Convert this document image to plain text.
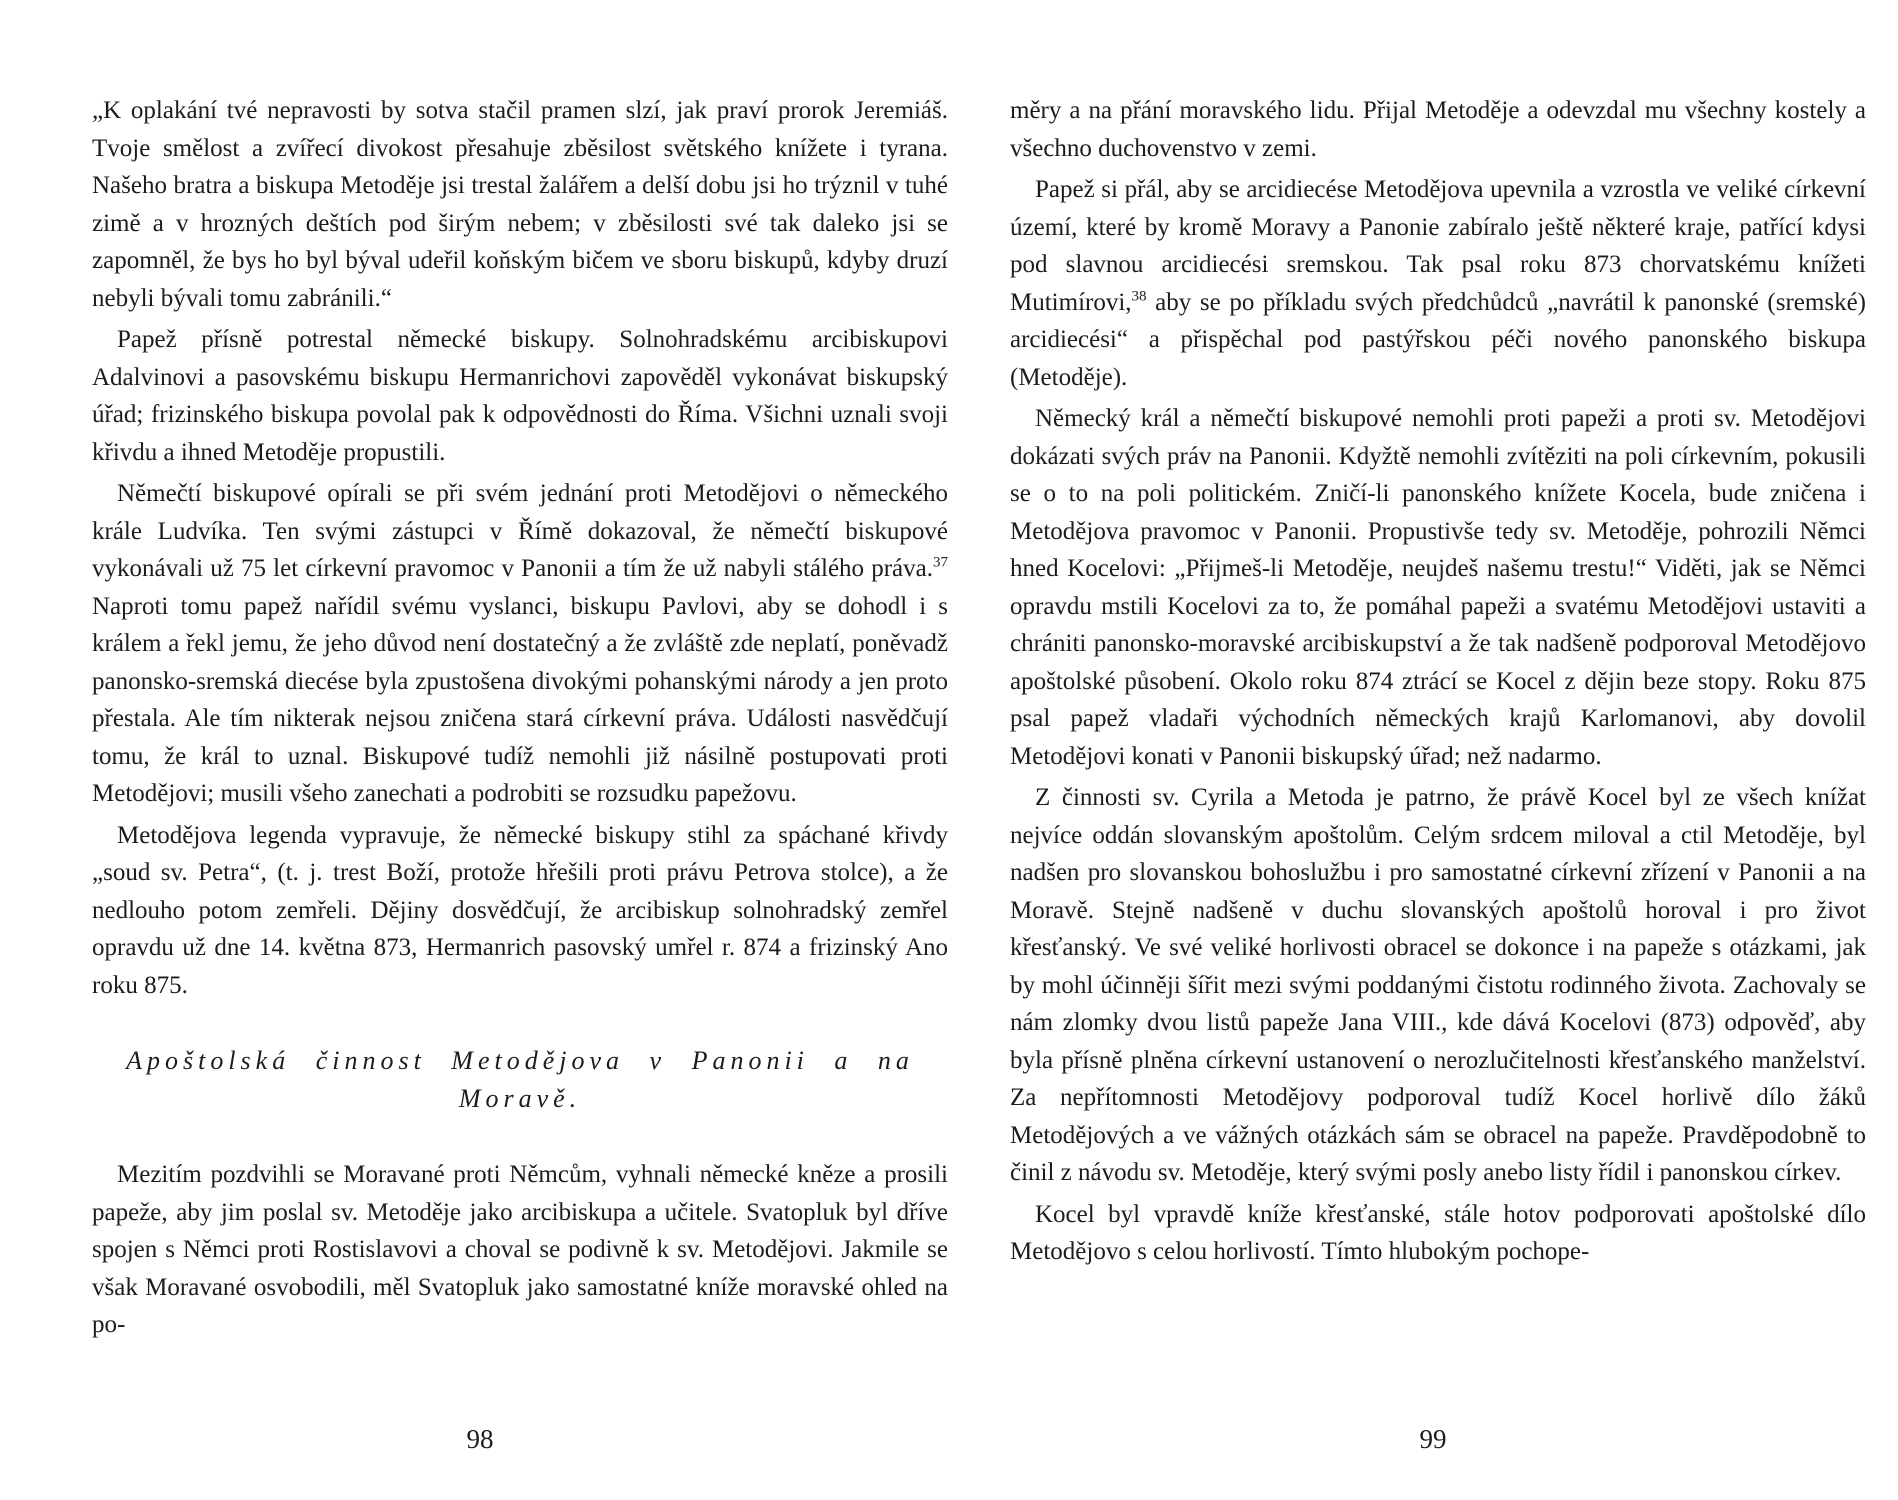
„K oplakání tvé nepravosti by sotva stačil pramen slzí, jak praví prorok Jeremiáš. Tvoje smělost a zvířecí divokost přesahuje zběsilost světského knížete i tyrana. Našeho bratra a biskupa Metoděje jsi trestal žalářem a delší dobu jsi ho trýznil v tuhé zimě a v hrozných deštích pod širým nebem; v zběsilosti své tak daleko jsi se zapomněl, že bys ho byl býval udeřil koňským bičem ve sboru biskupů, kdyby druzí nebyli bývali tomu zabránili.“

Papež přísně potrestal německé biskupy. Solnohradskému arcibiskupovi Adalvinovi a pasovskému biskupu Hermanrichovi zapověděl vykonávat biskupský úřad; frizinského biskupa povolal pak k odpovědnosti do Říma. Všichni uznali svoji křivdu a ihned Metoděje propustili.

Němečtí biskupové opírali se při svém jednání proti Metodějovi o německého krále Ludvíka. Ten svými zástupci v Římě dokazoval, že němečtí biskupové vykonávali už 75 let církevní pravomoc v Panonii a tím že už nabyli stálého práva.$^{37}$ Naproti tomu papež nařídil svému vyslanci, biskupu Pavlovi, aby se dohodl i s králem a řekl jemu, že jeho důvod není dostatečný a že zvláště zde neplatí, poněvadž panonsko-sremská diecése byla zpustošena divokými pohanskými národy a jen proto přestala. Ale tím nikterak nejsou zničena stará církevní práva. Události nasvědčují tomu, že král to uznal. Biskupové tudíž nemohli již násilně postupovati proti Metodějovi; musili všeho zanechati a podrobiti se rozsudku papežovu.

Metodějova legenda vypravuje, že německé biskupy stihl za spáchané křivdy „soud sv. Petra“, (t. j. trest Boží, protože hřešili proti právu Petrova stolce), a že nedlouho potom zemřeli. Dějiny dosvědčují, že arcibiskup solnohradský zemřel opravdu už dne 14. května 873, Hermanrich pasovský umřel r. 874 a frizinský Ano roku 875.

Apoštolská činnost Metodějova v Panonii a na Moravě.

Mezitím pozdvihli se Moravané proti Němcům, vyhnali německé kněze a prosili papeže, aby jim poslal sv. Metoděje jako arcibiskupa a učitele. Svatopluk byl dříve spojen s Němci proti Rostislavovi a choval se podivně k sv. Metodějovi. Jakmile se však Moravané osvobodili, měl Svatopluk jako samostatné kníže moravské ohled na po-

98

měry a na přání moravského lidu. Přijal Metoděje a odevzdal mu všechny kostely a všechno duchovenstvo v zemi.

Papež si přál, aby se arcidiecése Metodějova upevnila a vzrostla ve veliké církevní území, které by kromě Moravy a Panonie zabíralo ještě některé kraje, patřící kdysi pod slavnou arcidiecési sremskou. Tak psal roku 873 chorvatskému knížeti Mutimírovi,$^{38}$ aby se po příkladu svých předchůdců „navrátil k panonské (sremské) arcidiecési“ a přispěchal pod pastýřskou péči nového panonského biskupa (Metoděje).

Německý král a němečtí biskupové nemohli proti papeži a proti sv. Metodějovi dokázati svých práv na Panonii. Kdyžtě nemohli zvítěziti na poli církevním, pokusili se o to na poli politickém. Zničí-li panonského knížete Kocela, bude zničena i Metodějova pravomoc v Panonii. Propustivše tedy sv. Metoděje, pohrozili Němci hned Kocelovi: „Přijmeš-li Metoděje, neujdeš našemu trestu!“ Viděti, jak se Němci opravdu mstili Kocelovi za to, že pomáhal papeži a svatému Metodějovi ustaviti a chrániti panonsko-moravské arcibiskupství a že tak nadšeně podporoval Metodějovo apoštolské působení. Okolo roku 874 ztrácí se Kocel z dějin beze stopy. Roku 875 psal papež vladaři východních německých krajů Karlomanovi, aby dovolil Metodějovi konati v Panonii biskupský úřad; než nadarmo.

Z činnosti sv. Cyrila a Metoda je patrno, že právě Kocel byl ze všech knížat nejvíce oddán slovanským apoštolům. Celým srdcem miloval a ctil Metoděje, byl nadšen pro slovanskou bohoslužbu i pro samostatné církevní zřízení v Panonii a na Moravě. Stejně nadšeně v duchu slovanských apoštolů horoval i pro život křesťanský. Ve své veliké horlivosti obracel se dokonce i na papeže s otázkami, jak by mohl účinněji šířit mezi svými poddanými čistotu rodinného života. Zachovaly se nám zlomky dvou listů papeže Jana VIII., kde dává Kocelovi (873) odpověď, aby byla přísně plněna církevní ustanovení o nerozlučitelnosti křesťanského manželství. Za nepřítomnosti Metodějovy podporoval tudíž Kocel horlivě dílo žáků Metodějových a ve vážných otázkách sám se obracel na papeže. Pravděpodobně to činil z návodu sv. Metoděje, který svými posly anebo listy řídil i panonskou církev.

Kocel byl vpravdě kníže křesťanské, stále hotov podporovati apoštolské dílo Metodějovo s celou horlivostí. Tímto hlubokým pochope-

99
